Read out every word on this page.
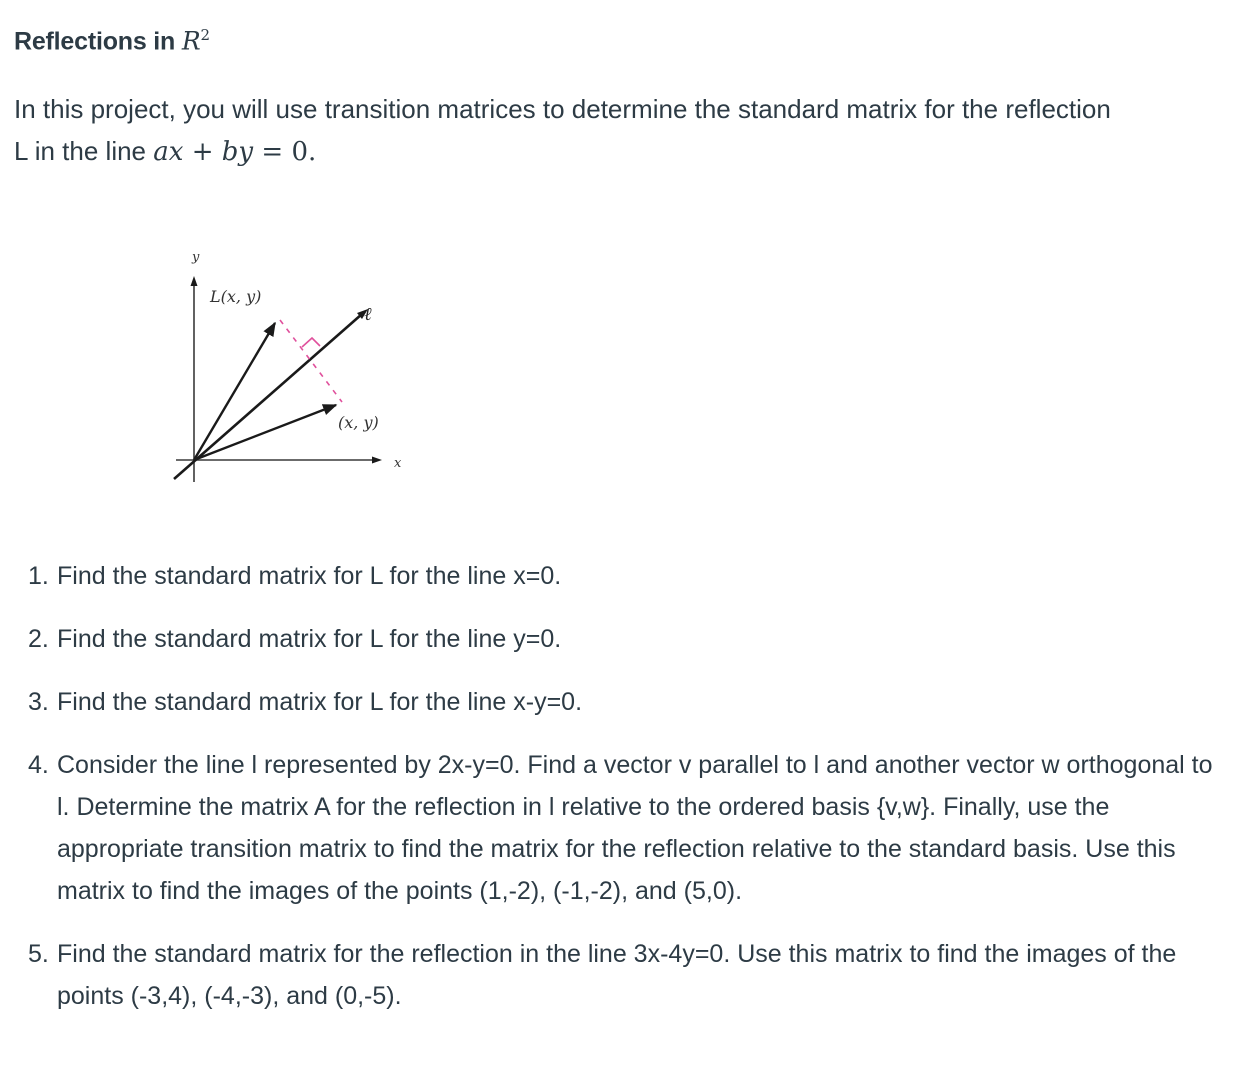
Reflections in $R^2$
In this project, you will use transition matrices to determine the standard matrix for the reflection
L in the line ax + by = 0.
y
x
ℓ
L(x, y)
(x, y)
1. Find the standard matrix for L for the line x=0.
2. Find the standard matrix for L for the line y=0.
3. Find the standard matrix for L for the line x-y=0.
4. Consider the line l represented by 2x-y=0. Find a vector v parallel to l and another vector w orthogonal to l. Determine the matrix A for the reflection in l relative to the ordered basis {v,w}. Finally, use the appropriate transition matrix to find the matrix for the reflection relative to the standard basis. Use this matrix to find the images of the points (1,-2), (-1,-2), and (5,0).
5. Find the standard matrix for the reflection in the line 3x-4y=0. Use this matrix to find the images of the points (-3,4), (-4,-3), and (0,-5).
